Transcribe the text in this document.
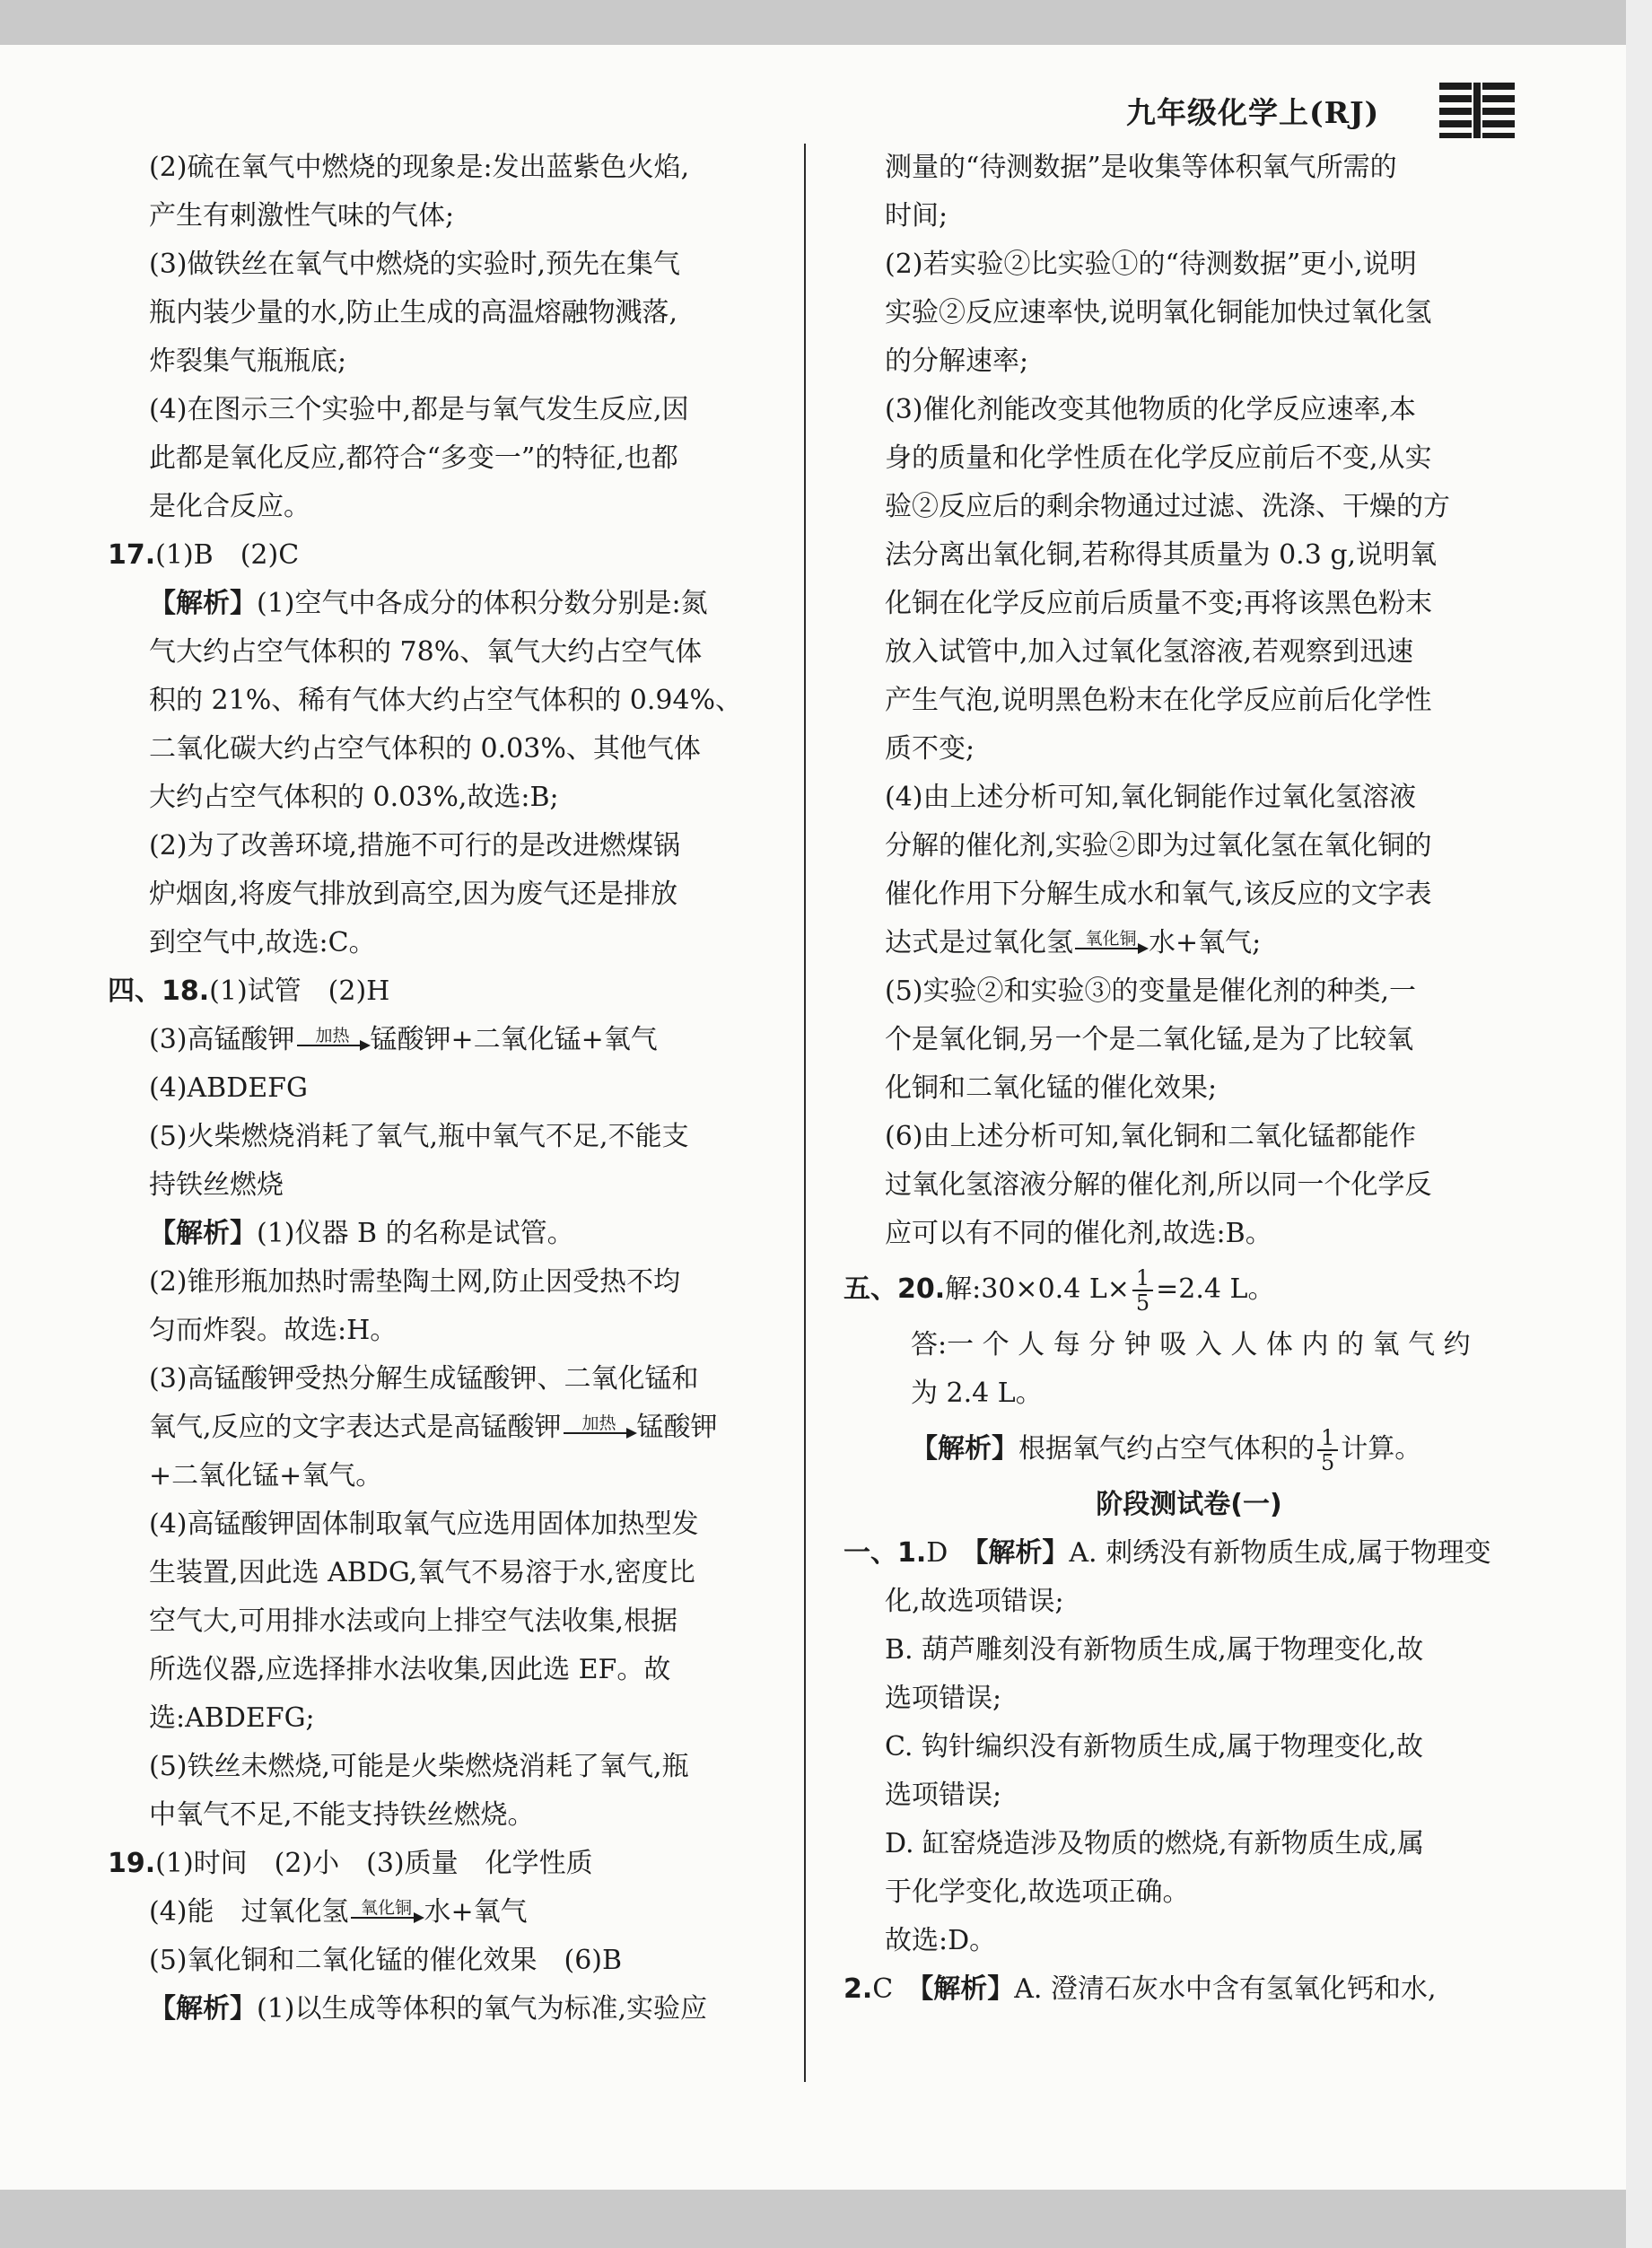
九年级化学上(RJ)
(2)硫在氧气中燃烧的现象是:发出蓝紫色火焰,
产生有刺激性气味的气体;
(3)做铁丝在氧气中燃烧的实验时,预先在集气
瓶内装少量的水,防止生成的高温熔融物溅落,
炸裂集气瓶瓶底;
(4)在图示三个实验中,都是与氧气发生反应,因
此都是氧化反应,都符合“多变一”的特征,也都
是化合反应。
17.(1)B　(2)C
【解析】(1)空气中各成分的体积分数分别是:氮
气大约占空气体积的 78%、氧气大约占空气体
积的 21%、稀有气体大约占空气体积的 0.94%、
二氧化碳大约占空气体积的 0.03%、其他气体
大约占空气体积的 0.03%,故选:B;
(2)为了改善环境,措施不可行的是改进燃煤锅
炉烟囱,将废气排放到高空,因为废气还是排放
到空气中,故选:C。
四、18.(1)试管　(2)H
(3)高锰酸钾	加热 锰酸钾+二氧化锰+氧气
(4)ABDEFG
(5)火柴燃烧消耗了氧气,瓶中氧气不足,不能支
持铁丝燃烧
【解析】(1)仪器 B 的名称是试管。
(2)锥形瓶加热时需垫陶土网,防止因受热不均
匀而炸裂。故选:H。
(3)高锰酸钾受热分解生成锰酸钾、二氧化锰和
氧气,反应的文字表达式是高锰酸钾	加热 锰酸钾
+二氧化锰+氧气。
(4)高锰酸钾固体制取氧气应选用固体加热型发
生装置,因此选 ABDG,氧气不易溶于水,密度比
空气大,可用排水法或向上排空气法收集,根据
所选仪器,应选择排水法收集,因此选 EF。故
选:ABDEFG;
(5)铁丝未燃烧,可能是火柴燃烧消耗了氧气,瓶
中氧气不足,不能支持铁丝燃烧。
19.(1)时间　(2)小　(3)质量　化学性质
(4)能　过氧化氢 氧化铜 水+氧气
(5)氧化铜和二氧化锰的催化效果　(6)B
【解析】(1)以生成等体积的氧气为标准,实验应
测量的“待测数据”是收集等体积氧气所需的
时间;
(2)若实验②比实验①的“待测数据”更小,说明
实验②反应速率快,说明氧化铜能加快过氧化氢
的分解速率;
(3)催化剂能改变其他物质的化学反应速率,本
身的质量和化学性质在化学反应前后不变,从实
验②反应后的剩余物通过过滤、洗涤、干燥的方
法分离出氧化铜,若称得其质量为 0.3 g,说明氧
化铜在化学反应前后质量不变;再将该黑色粉末
放入试管中,加入过氧化氢溶液,若观察到迅速
产生气泡,说明黑色粉末在化学反应前后化学性
质不变;
(4)由上述分析可知,氧化铜能作过氧化氢溶液
分解的催化剂,实验②即为过氧化氢在氧化铜的
催化作用下分解生成水和氧气,该反应的文字表
达式是过氧化氢 氧化铜 水+氧气;
(5)实验②和实验③的变量是催化剂的种类,一
个是氧化铜,另一个是二氧化锰,是为了比较氧
化铜和二氧化锰的催化效果;
(6)由上述分析可知,氧化铜和二氧化锰都能作
过氧化氢溶液分解的催化剂,所以同一个化学反
应可以有不同的催化剂,故选:B。
五、20.解:30×0.4 $L\times \frac{1}{5} =2.4$ L。
答:一 个 人 每 分 钟 吸 入 人 体 内 的 氧 气 约
为 2.4 L。
【解析】根据氧气约占空气体积的 $\frac{1}{5}$ 计算。
阶段测试卷(一)
一、1.D　【解析】A. 刺绣没有新物质生成,属于物理变
化,故选项错误;
B. 葫芦雕刻没有新物质生成,属于物理变化,故
选项错误;
C. 钩针编织没有新物质生成,属于物理变化,故
选项错误;
D. 缸窑烧造涉及物质的燃烧,有新物质生成,属
于化学变化,故选项正确。
故选:D。
2.C　【解析】A. 澄清石灰水中含有氢氧化钙和水,
